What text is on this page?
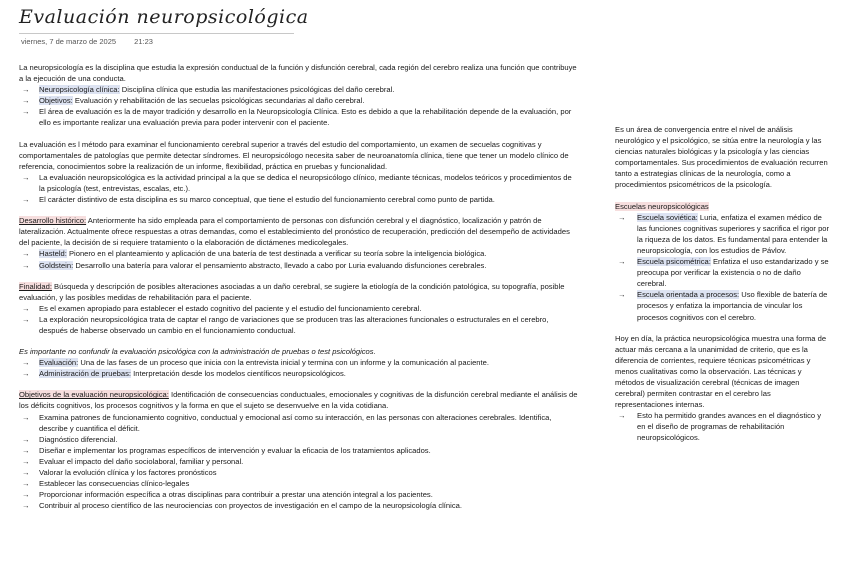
Evaluación neuropsicológica
viernes, 7 de marzo de 2025 21:23

La neuropsicología es la disciplina que estudia la expresión conductual de la función y disfunción cerebral, cada región del cerebro realiza una función que contribuye a la ejecución de una conducta.

→	Neuropsicología clínica: Disciplina clínica que estudia las manifestaciones psicológicas del daño cerebral.
→	Objetivos: Evaluación y rehabilitación de las secuelas psicológicas secundarias al daño cerebral.
→	El área de evaluación es la de mayor tradición y desarrollo en la Neuropsicología Clínica. Esto es debido a que la rehabilitación depende de la evaluación, por ello es importante realizar una evaluación previa para poder intervenir con el paciente.

La evaluación es l método para examinar el funcionamiento cerebral superior a través del estudio del comportamiento, un examen de secuelas cognitivas y comportamentales de patologías que permite detectar síndromes. El neuropsicólogo necesita saber de neuroanatomía clínica, tiene que tener un modelo clínico de referencia, conocimientos sobre la realización de un informe, flexibilidad, práctica en pruebas y funcionalidad.

→	La evaluación neuropsicológica es la actividad principal a la que se dedica el neuropsicólogo clínico, mediante técnicas, modelos teóricos y procedimientos de la psicología (test, entrevistas, escalas, etc.).
→	El carácter distintivo de esta disciplina es su marco conceptual, que tiene el estudio del funcionamiento cerebral como punto de partida.

Desarrollo histórico: Anteriormente ha sido empleada para el comportamiento de personas con disfunción cerebral y el diagnóstico, localización y patrón de lateralización. Actualmente ofrece respuestas a otras demandas, como el establecimiento del pronóstico de recuperación, predicción del desempeño de actividades del paciente, la decisión de si requiere tratamiento o la elaboración de dictámenes medicolegales.

→	Hasteld: Pionero en el planteamiento y aplicación de una batería de test destinada a verificar su teoría sobre la inteligencia biológica.
→	Goldstein: Desarrollo una batería para valorar el pensamiento abstracto, llevado a cabo por Luria evaluando disfunciones cerebrales.

Finalidad: Búsqueda y descripción de posibles alteraciones asociadas a un daño cerebral, se sugiere la etiología de la condición patológica, su topografía, posible evaluación, y las posibles medidas de rehabilitación para el paciente.

→	Es el examen apropiado para establecer el estado cognitivo del paciente y el estudio del funcionamiento cerebral.
→	La exploración neuropsicológica trata de captar el rango de variaciones que se producen tras las alteraciones funcionales o estructurales en el cerebro, después de haberse observado un cambio en el funcionamiento conductual.

Es importante no confundir la evaluación psicológica con la administración de pruebas o test psicológicos.

→	Evaluación: Una de las fases de un proceso que inicia con la entrevista inicial y termina con un informe y la comunicación al paciente.
→	Administración de pruebas: Interpretación desde los modelos científicos neuropsicológicos.

Objetivos de la evaluación neuropsicológica: Identificación de consecuencias conductuales, emocionales y cognitivas de la disfunción cerebral mediante el análisis de los déficits cognitivos, los procesos cognitivos y la forma en que el sujeto se desenvuelve en la vida cotidiana.

→	Examina patrones de funcionamiento cognitivo, conductual y emocional así como su interacción, en las personas con alteraciones cerebrales. Identifica, describe y cuantifica el déficit.
→	Diagnóstico diferencial.
→	Diseñar e implementar los programas específicos de intervención y evaluar la eficacia de los tratamientos aplicados.
→	Evaluar el impacto del daño sociolaboral, familiar y personal.
→	Valorar la evolución clínica y los factores pronósticos
→	Establecer las consecuencias clínico-legales
→	Proporcionar información específica a otras disciplinas para contribuir a prestar una atención integral a los pacientes.
→	Contribuir al proceso científico de las neurociencias con proyectos de investigación en el campo de la neuropsicología clínica.

Es un área de convergencia entre el nivel de análisis neurológico y el psicológico, se sitúa entre la neurología y las ciencias naturales biológicas y la psicología y las ciencias comportamentales. Sus procedimientos de evaluación recurren tanto a estrategias clínicas de la neurología, como a procedimientos psicométricos de la psicología.

Escuelas neuropsicológicas

→	Escuela soviética: Luria, enfatiza el examen médico de las funciones cognitivas superiores y sacrifica el rigor por la riqueza de los datos. Es fundamental para entender la neuropsicología, con los estudios de Pávlov.
→	Escuela psicométrica: Enfatiza el uso estandarizado y se preocupa por verificar la existencia o no de daño cerebral.
→	Escuela orientada a procesos: Uso flexible de batería de procesos y enfatiza la importancia de vincular los procesos cognitivos con el cerebro.

Hoy en día, la práctica neuropsicológica muestra una forma de actuar más cercana a la unanimidad de criterio, que es la diferencia de corrientes, requiere técnicas psicométricas y menos cualitativas como la observación. Las técnicas y métodos de visualización cerebral (técnicas de imagen cerebral) permiten contrastar en el cerebro las representaciones internas.

→	Esto ha permitido grandes avances en el diagnóstico y en el diseño de programas de rehabilitación neuropsicológicos.
